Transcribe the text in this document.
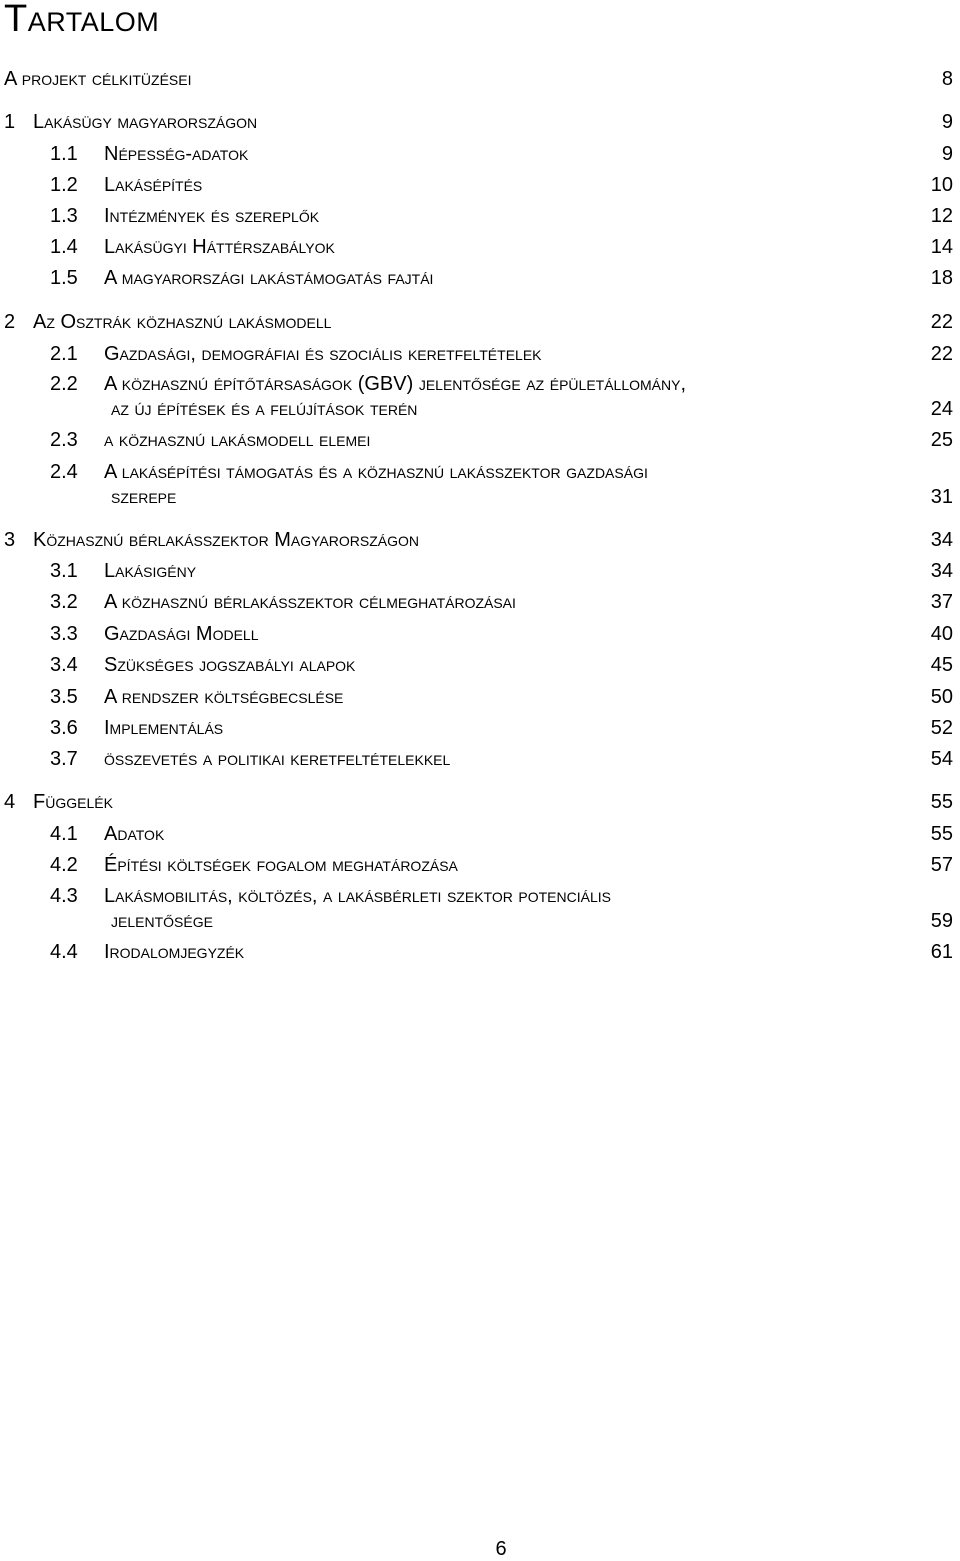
Tartalom
A projekt célkitüzései	8
1 Lakásügy magyarországon	9
1.1 Népesség-adatok	9
1.2 Lakásépítés	10
1.3 Intézmények és szereplők	12
1.4 Lakásügyi Háttérszabályok	14
1.5 A magyarországi lakástámogatás fajtái	18
2 Az Osztrák közhasznú lakásmodell	22
2.1 Gazdasági, demográfiai és szociális keretfeltételek	22
2.2 A közhasznú építőtársaságok (GBV) jelentősége az épületállomány,
az új építések és a felújítások terén	24
2.3 a közhasznú lakásmodell elemei	25
2.4 A lakásépítési támogatás és a közhasznú lakásszektor gazdasági
szerepe	31
3 Közhasznú bérlakásszektor Magyarországon	34
3.1 Lakásigény	34
3.2 A közhasznú bérlakásszektor célmeghatározásai	37
3.3 Gazdasági Modell	40
3.4 Szükséges jogszabályi alapok	45
3.5 A rendszer költségbecslése	50
3.6 Implementálás	52
3.7 összevetés a politikai keretfeltételekkel	54
4 Függelék	55
4.1 Adatok	55
4.2 Építési költségek fogalom meghatározása	57
4.3 Lakásmobilitás, költözés, a lakásbérleti szektor potenciális
jelentősége	59
4.4 Irodalomjegyzék	61
6
